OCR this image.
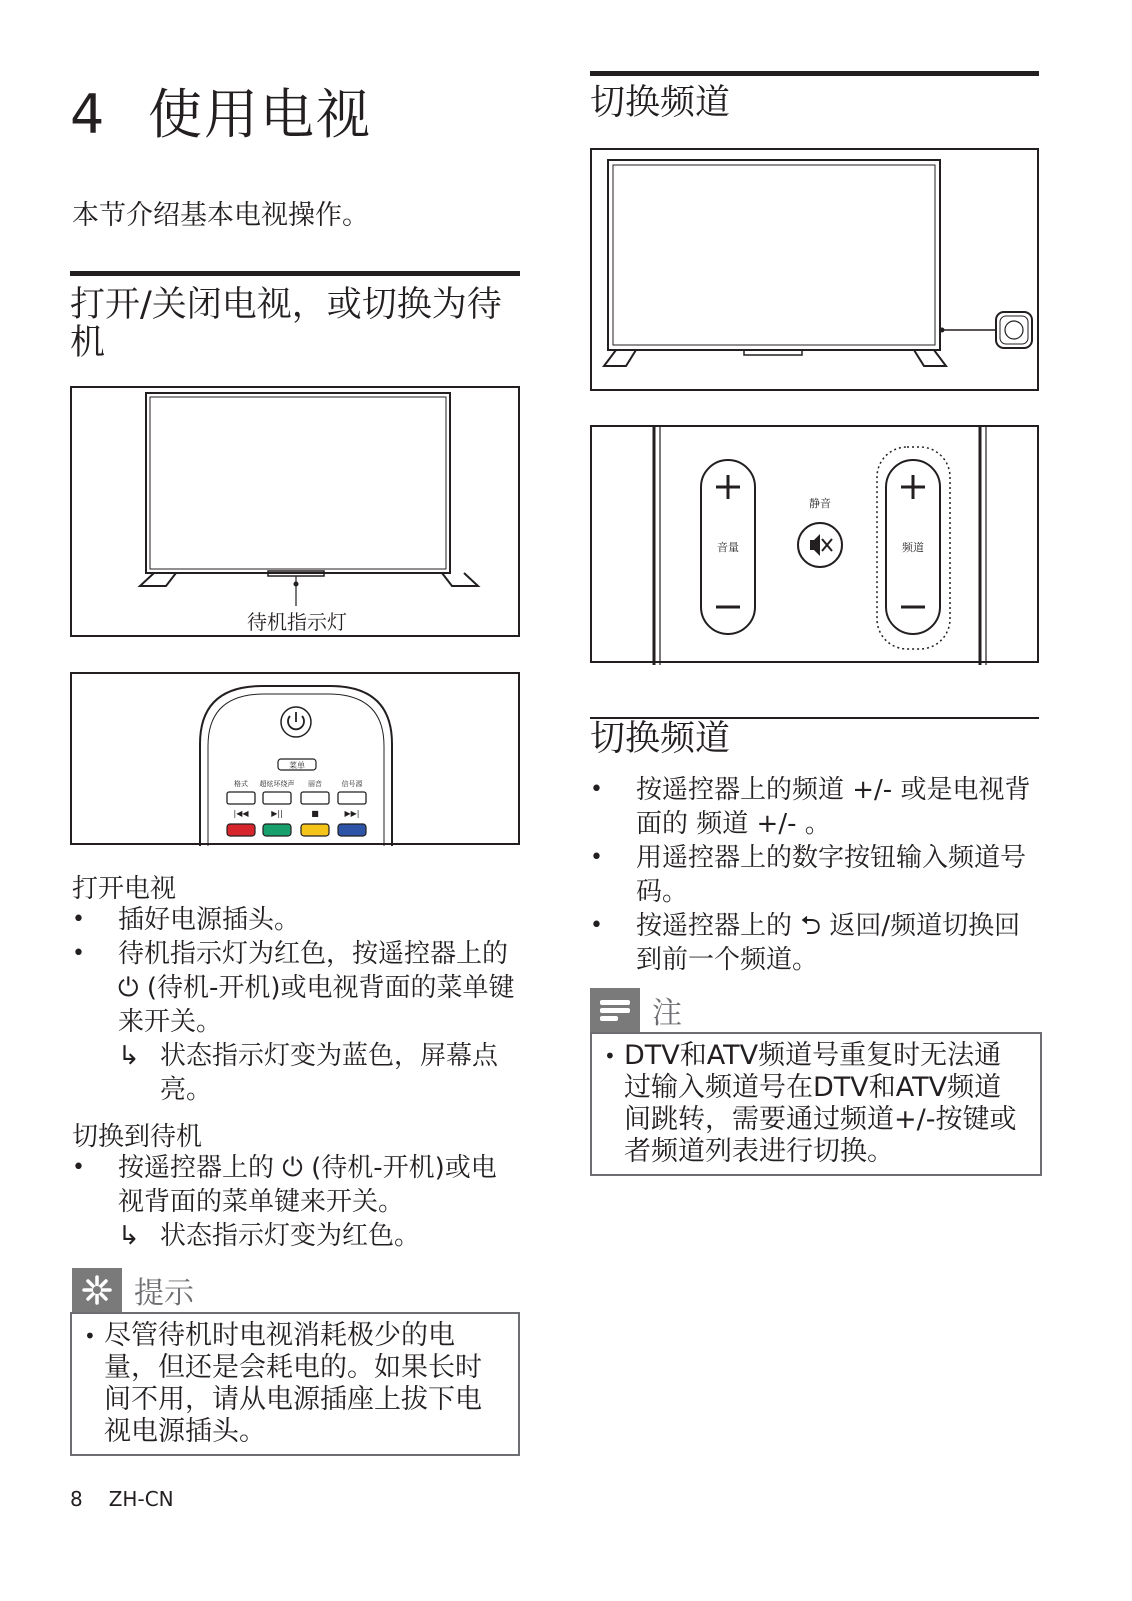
4 使用电视
本节介绍基本电视操作。
打开/关闭电视，或切换为待机
待机指示灯
菜单
格式	超炫环绕声	丽音	信号源
|◀◀	▶||	■	▶▶|
打开电视
• 插好电源插头。
• 待机指示灯为红色，按遥控器上的 ⏻ (待机-开机)或电视背面的菜单键来开关。
↳ 状态指示灯变为蓝色，屏幕点亮。
切换到待机
• 按遥控器上的 ⏻ (待机-开机)或电视背面的菜单键来开关。
↳ 状态指示灯变为红色。
提示
• 尽管待机时电视消耗极少的电量，但还是会耗电的。如果长时间不用，请从电源插座上拔下电视电源插头。
切换频道
音量
静音
频道
切换频道
• 按遥控器上的频道 +/- 或是电视背面的 频道 +/- 。
• 用遥控器上的数字按钮输入频道号码。
• 按遥控器上的 ⮌ 返回/频道切换回到前一个频道。
注
• DTV和ATV频道号重复时无法通过输入频道号在DTV和ATV频道间跳转，需要通过频道+/-按键或者频道列表进行切换。
8 ZH-CN
